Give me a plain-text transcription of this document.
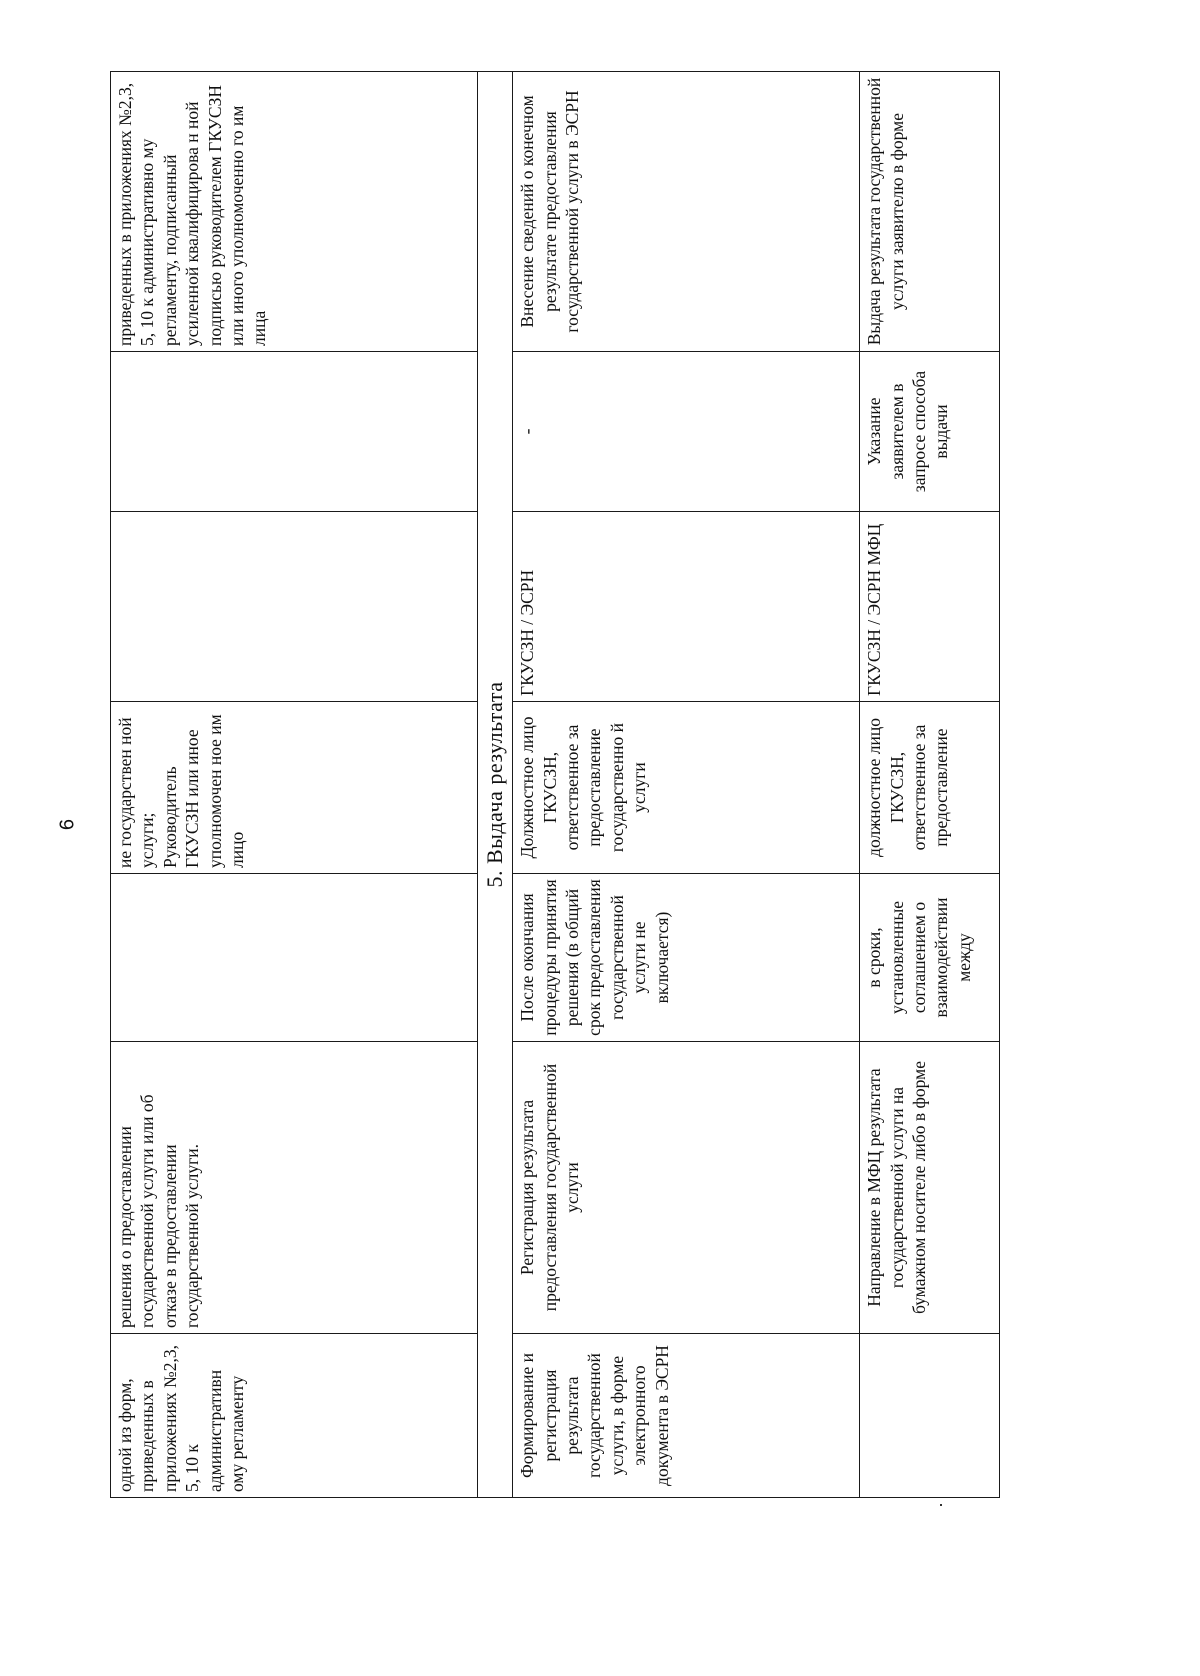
6
одной из форм, приведенных в приложениях №2,3, 5, 10 к административн ому регламенту	решения о предоставлении государственной услуги или об отказе в предоставлении государственной услуги.		ие государствен ной услуги; Руководитель ГКУСЗН или иное уполномочен ное им лицо			приведенных в приложениях №2,3, 5, 10 к административно му регламенту, подписанный усиленной квалифицирова н ной подписью руководителем ГКУСЗН или иного уполномоченно го им лица
5. Выдача результата						
Формирование и регистрация результата государственной услуги, в форме электронного документа в ЭСРН	Регистрация результата предоставления государственной услуги	После окончания процедуры принятия решения (в общий срок предоставления государственной услуги не включается)	Должностное лицо ГКУСЗН, ответственное за предоставление государственно й услуги	ГКУСЗН / ЭСРН	-	Внесение сведений о конечном результате предоставления государственной услуги в ЭСРН
	Направление в МФЦ результата государственной услуги на бумажном носителе либо в форме	в сроки, установленные соглашением о взаимодействии между	должностное лицо ГКУСЗН, ответственное за предоставление	ГКУСЗН / ЭСРН МФЦ	Указание заявителем в запросе способа выдачи	Выдача результата государственной услуги заявителю в форме
